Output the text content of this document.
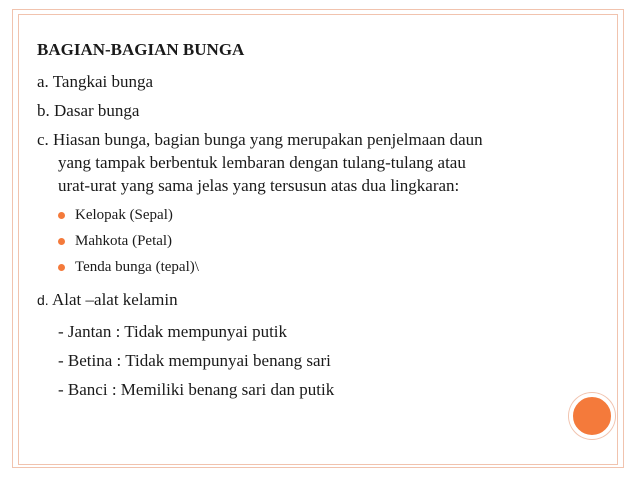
BAGIAN-BAGIAN BUNGA

a. Tangkai bunga

b. Dasar bunga

c. Hiasan bunga, bagian bunga yang merupakan penjelmaan daun

yang tampak berbentuk lembaran dengan tulang-tulang atau

urat-urat yang sama jelas yang tersusun atas dua lingkaran:

Kelopak (Sepal)

Mahkota (Petal)

Tenda bunga (tepal)\

d. Alat –alat kelamin

- Jantan : Tidak mempunyai putik

- Betina : Tidak mempunyai benang sari

- Banci : Memiliki benang sari dan putik
